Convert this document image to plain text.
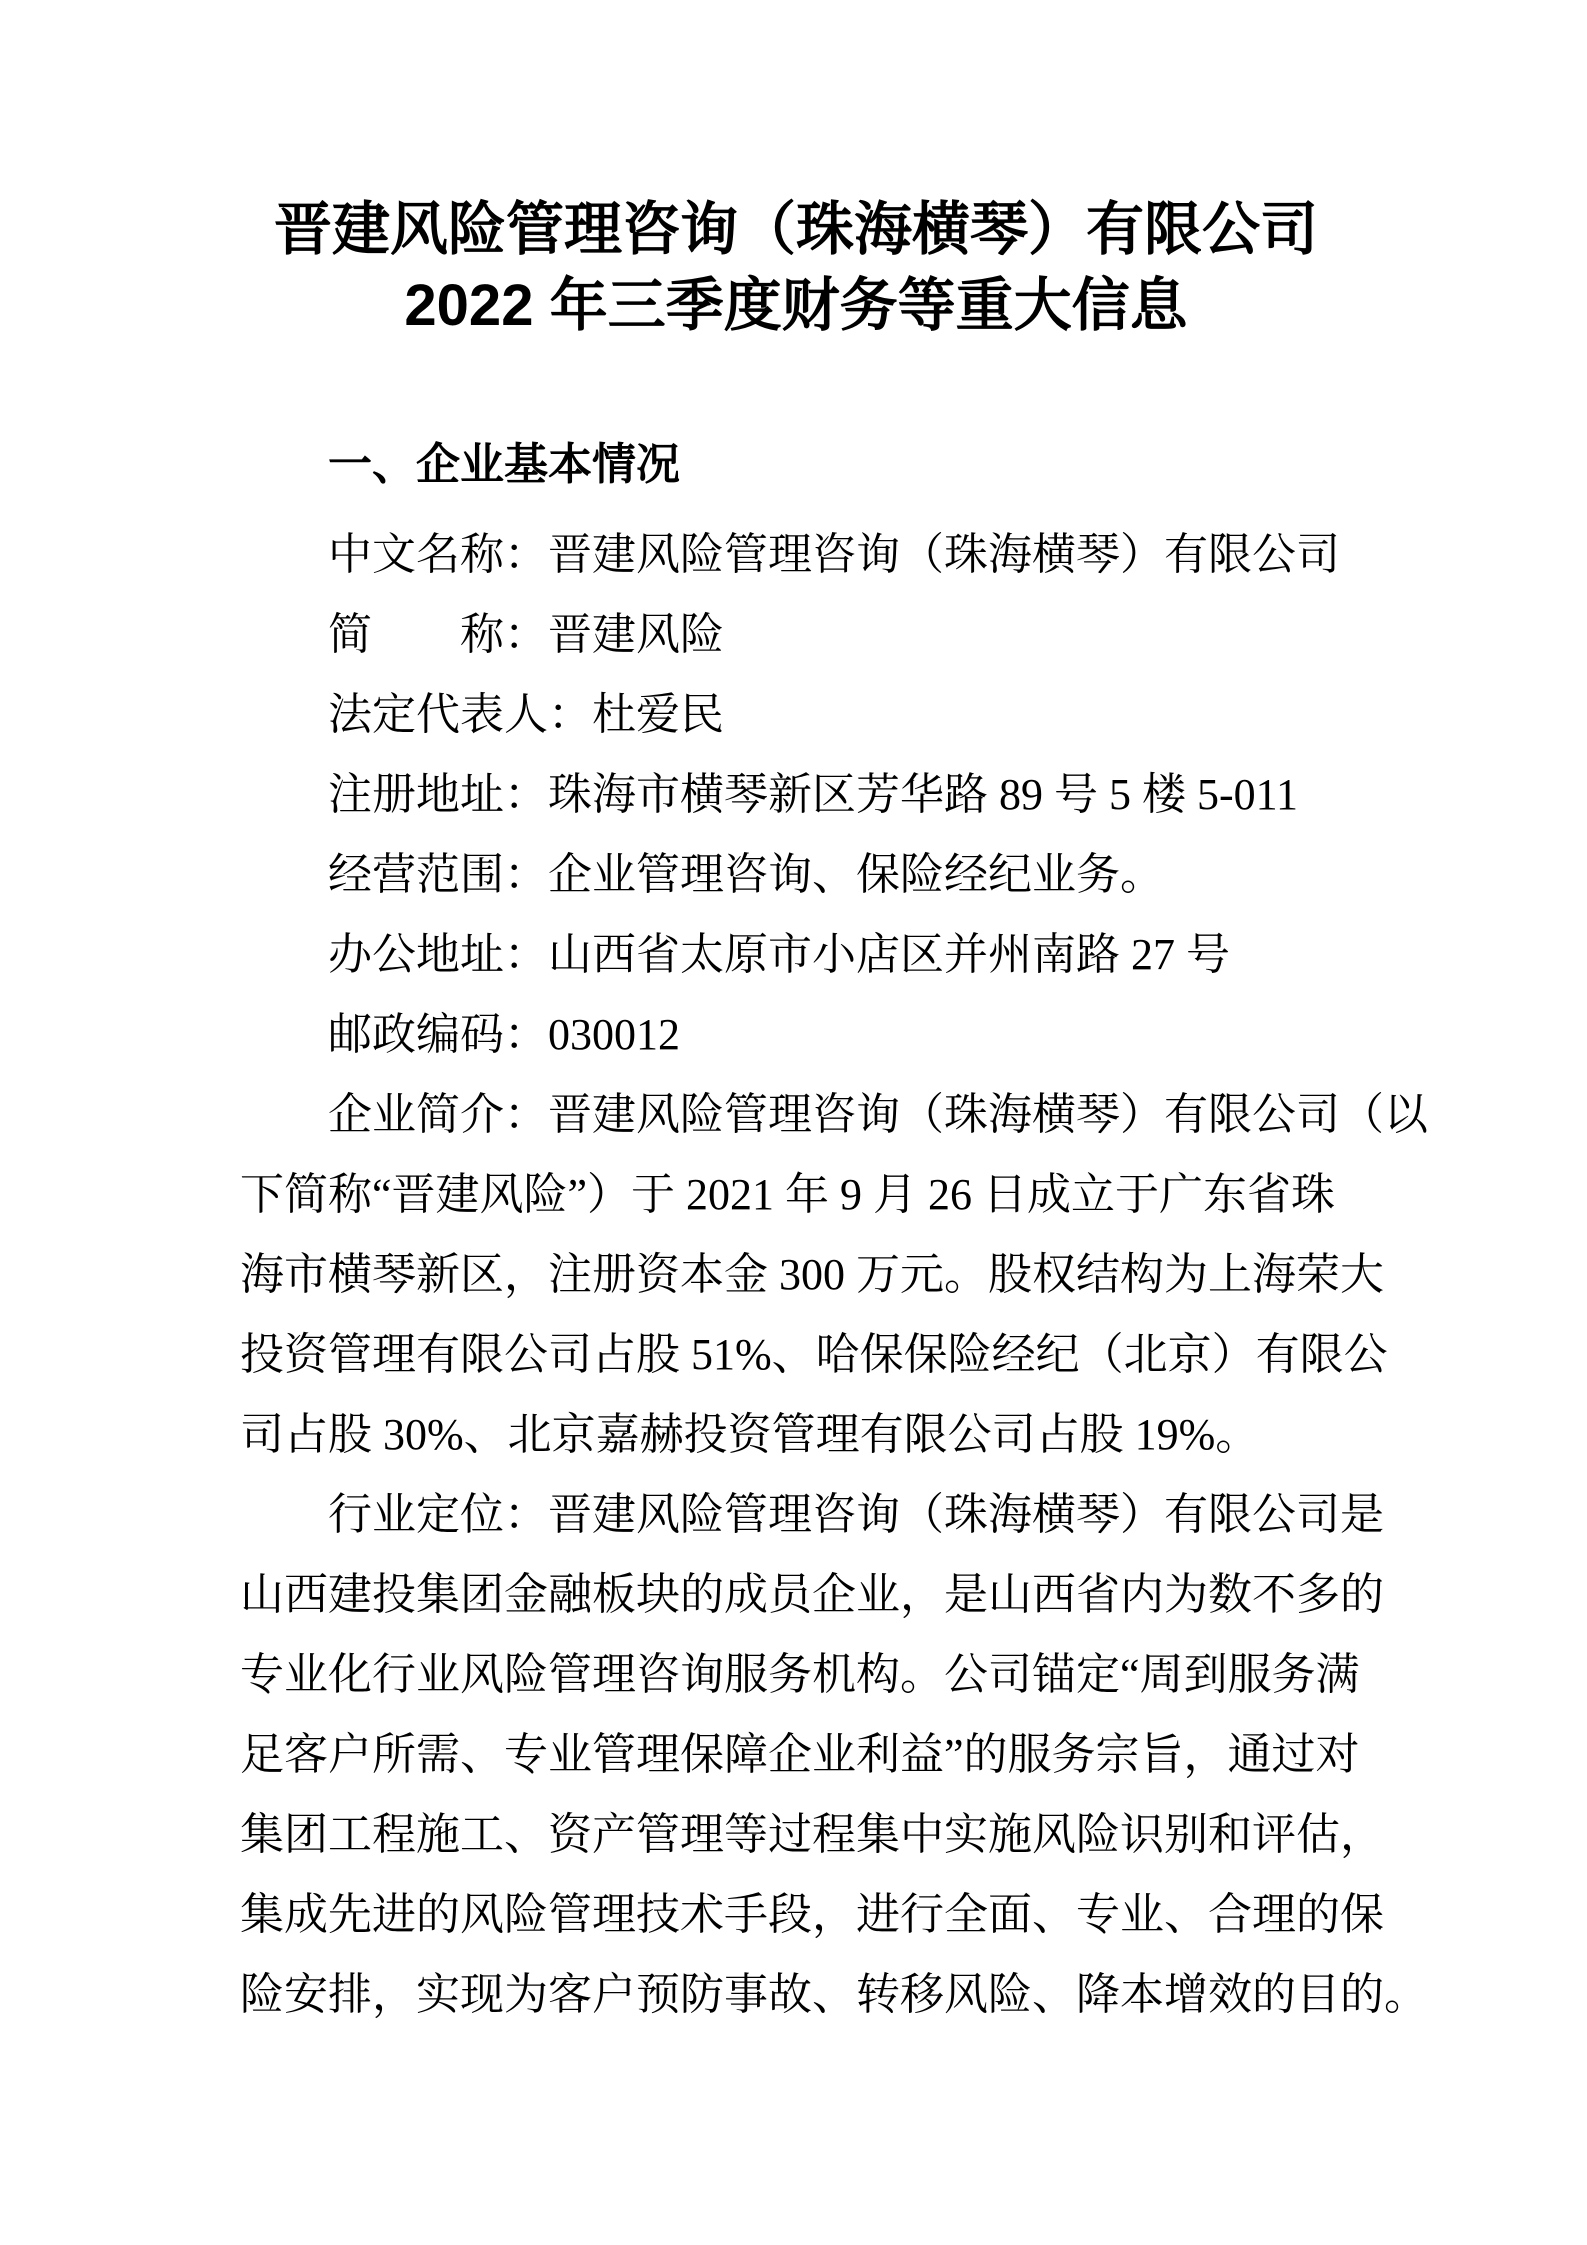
晋建风险管理咨询（珠海横琴）有限公司
2022 年三季度财务等重大信息
一、企业基本情况
中文名称：晋建风险管理咨询（珠海横琴）有限公司
简　　称：晋建风险
法定代表人：杜爱民
注册地址：珠海市横琴新区芳华路 89 号 5 楼 5-011
经营范围：企业管理咨询、保险经纪业务。
办公地址：山西省太原市小店区并州南路 27 号
邮政编码：030012
企业简介：晋建风险管理咨询（珠海横琴）有限公司（以
下简称“晋建风险”）于 2021 年 9 月 26 日成立于广东省珠
海市横琴新区，注册资本金 300 万元。股权结构为上海荣大
投资管理有限公司占股 51%、哈保保险经纪（北京）有限公
司占股 30%、北京嘉赫投资管理有限公司占股 19%。
行业定位：晋建风险管理咨询（珠海横琴）有限公司是
山西建投集团金融板块的成员企业，是山西省内为数不多的
专业化行业风险管理咨询服务机构。公司锚定“周到服务满
足客户所需、专业管理保障企业利益”的服务宗旨，通过对
集团工程施工、资产管理等过程集中实施风险识别和评估，
集成先进的风险管理技术手段，进行全面、专业、合理的保
险安排，实现为客户预防事故、转移风险、降本增效的目的。
